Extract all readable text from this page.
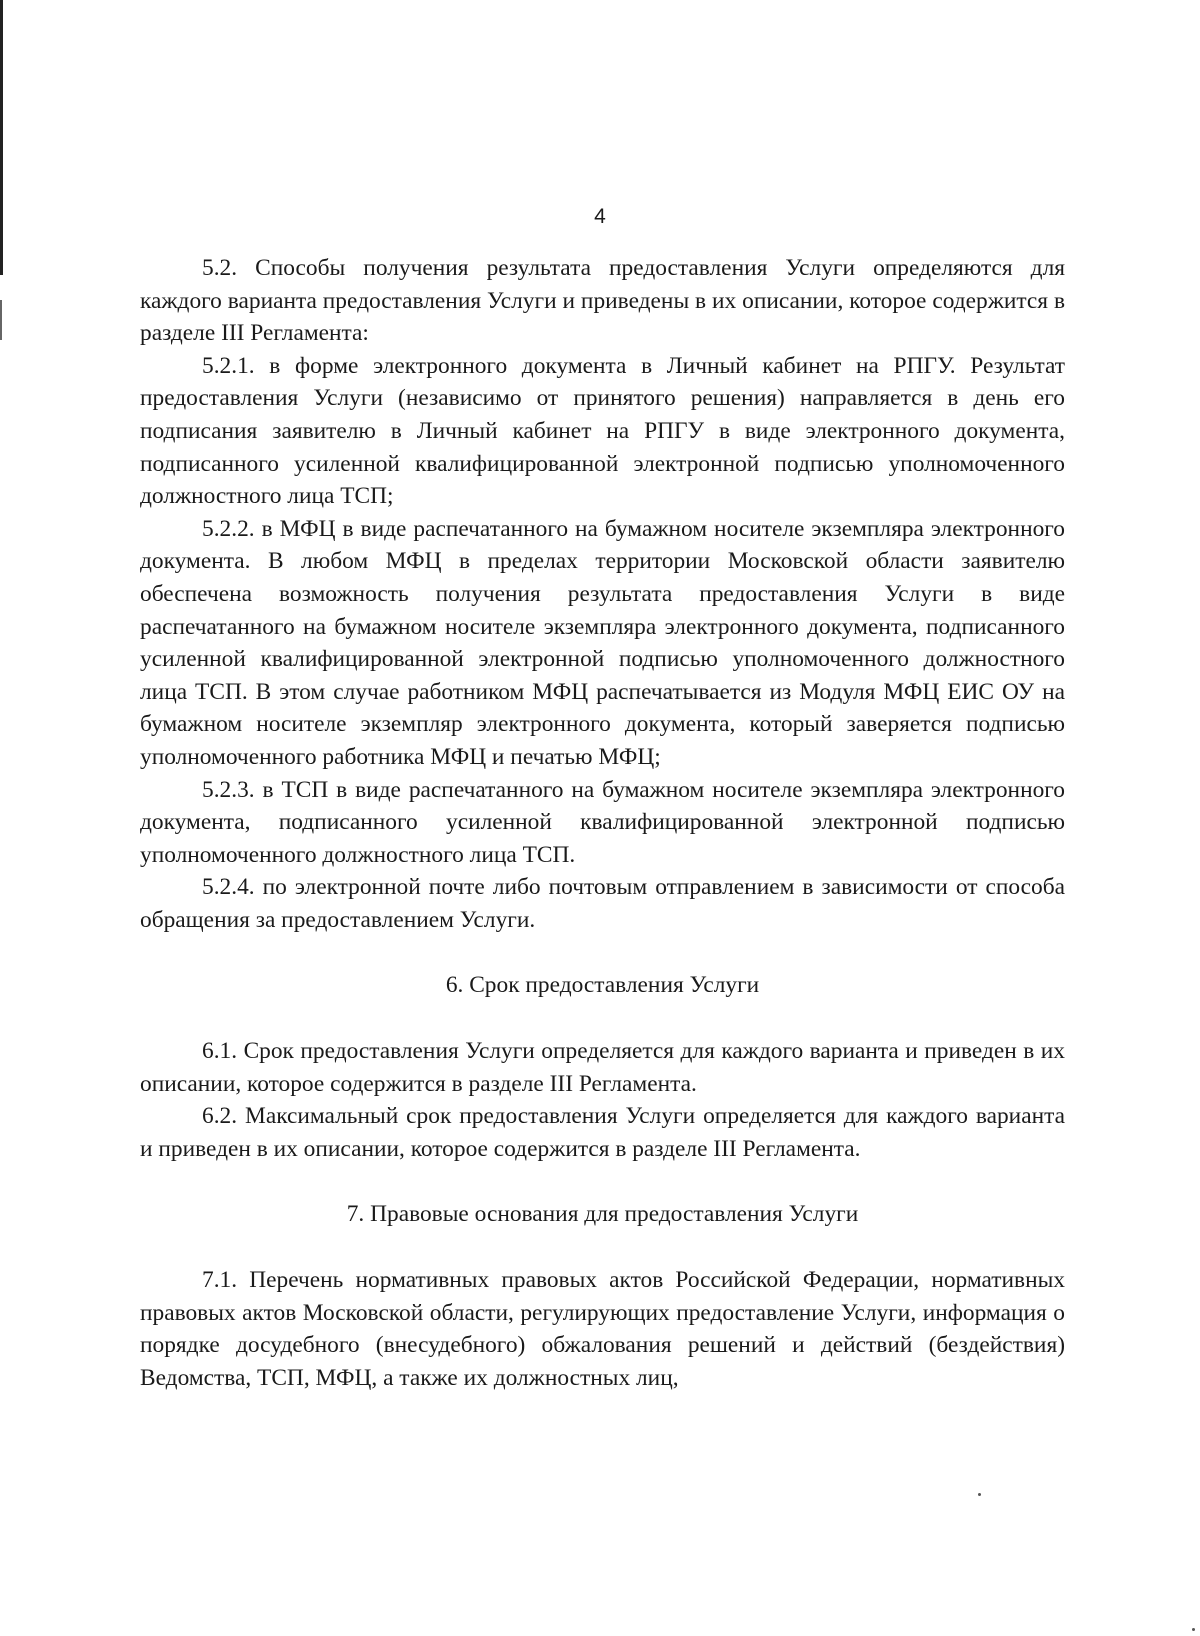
4

5.2. Способы получения результата предоставления Услуги определяются для каждого варианта предоставления Услуги и приведены в их описании, которое содержится в разделе III Регламента:

5.2.1. в форме электронного документа в Личный кабинет на РПГУ. Результат предоставления Услуги (независимо от принятого решения) направляется в день его подписания заявителю в Личный кабинет на РПГУ в виде электронного документа, подписанного усиленной квалифицированной электронной подписью уполномоченного должностного лица ТСП;

5.2.2. в МФЦ в виде распечатанного на бумажном носителе экземпляра электронного документа. В любом МФЦ в пределах территории Московской области заявителю обеспечена возможность получения результата предоставления Услуги в виде распечатанного на бумажном носителе экземпляра электронного документа, подписанного усиленной квалифицированной электронной подписью уполномоченного должностного лица ТСП. В этом случае работником МФЦ распечатывается из Модуля МФЦ ЕИС ОУ на бумажном носителе экземпляр электронного документа, который заверяется подписью уполномоченного работника МФЦ и печатью МФЦ;

5.2.3. в ТСП в виде распечатанного на бумажном носителе экземпляра электронного документа, подписанного усиленной квалифицированной электронной подписью уполномоченного должностного лица ТСП.

5.2.4. по электронной почте либо почтовым отправлением в зависимости от способа обращения за предоставлением Услуги.

6. Срок предоставления Услуги

6.1. Срок предоставления Услуги определяется для каждого варианта и приведен в их описании, которое содержится в разделе III Регламента.

6.2. Максимальный срок предоставления Услуги определяется для каждого варианта и приведен в их описании, которое содержится в разделе III Регламента.

7. Правовые основания для предоставления Услуги

7.1. Перечень нормативных правовых актов Российской Федерации, нормативных правовых актов Московской области, регулирующих предоставление Услуги, информация о порядке досудебного (внесудебного) обжалования решений и действий (бездействия) Ведомства, ТСП, МФЦ, а также их должностных лиц,
